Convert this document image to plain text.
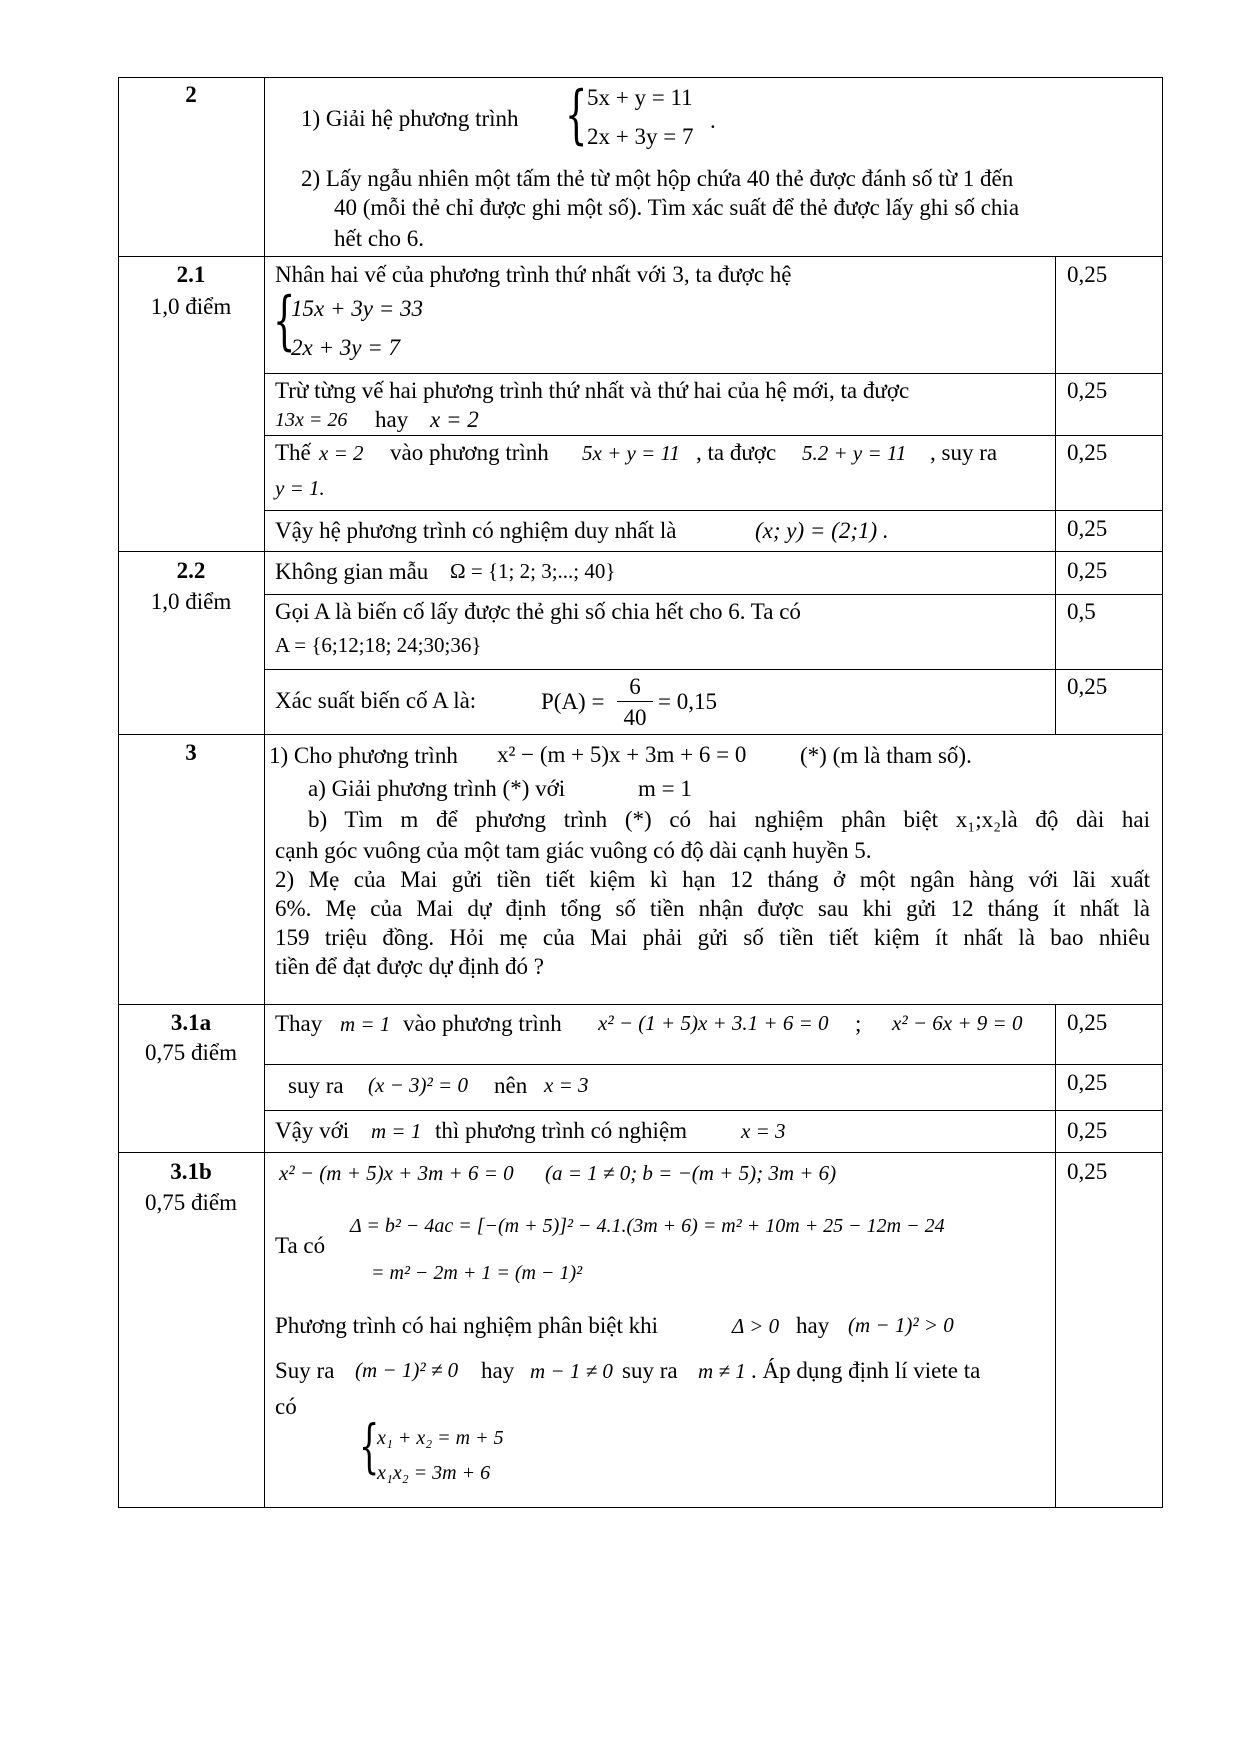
2
1) Giải hệ phương trình { 5x + y = 11
2x + 3y = 7
.
2) Lấy ngẫu nhiên một tấm thẻ từ một hộp chứa 40 thẻ được đánh số từ 1 đến
40 (mỗi thẻ chỉ được ghi một số). Tìm xác suất để thẻ được lấy ghi số chia
hết cho 6.
2.1
1,0 điểm
Nhân hai vế của phương trình thứ nhất với 3, ta được hệ
{
15x + 3y = 33
2x + 3y = 7
0,25
Trừ từng vế hai phương trình thứ nhất và thứ hai của hệ mới, ta được
13x = 26 hay x = 2
0,25
Thế x = 2 vào phương trình 5x + y = 11 , ta được 5.2 + y = 11 , suy ra
y = 1.
0,25
Vậy hệ phương trình có nghiệm duy nhất là	(x; y) = (2;1) .	0,25
2.2
1,0 điểm
Không gian mẫu Ω = {1; 2; 3;...; 40}	0,25
Gọi A là biến cố lấy được thẻ ghi số chia hết cho 6. Ta có
A = {6;12;18; 24;30;36}
0,5
Xác suất biến cố A là:	P(A) =
6
40
= 0,15
0,25
3	1) Cho phương trình x² − (m + 5)x + 3m + 6 = 0 (*) (m là tham số).
a) Giải phương trình (*) với	m = 1
b) Tìm m để phương trình (*) có hai nghiệm phân biệt x₁;x₂là độ dài hai
cạnh góc vuông của một tam giác vuông có độ dài cạnh huyền 5.
2) Mẹ của Mai gửi tiền tiết kiệm kì hạn 12 tháng ở một ngân hàng với lãi xuất
6%. Mẹ của Mai dự định tổng số tiền nhận được sau khi gửi 12 tháng ít nhất là
159 triệu đồng. Hỏi mẹ của Mai phải gửi số tiền tiết kiệm ít nhất là bao nhiêu
tiền để đạt được dự định đó ?
3.1a
0,75 điểm
Thay m = 1 vào phương trình x² − (1 + 5)x + 3.1 + 6 = 0 ; x² − 6x + 9 = 0 0,25
suy ra (x − 3)² = 0 nên x = 3	0,25
Vậy với m = 1 thì phương trình có nghiệm	x = 3	0,25
3.1b
0,75 điểm
x² − (m + 5)x + 3m + 6 = 0 (a = 1 ≠ 0; b = −(m + 5); 3m + 6)	0,25
Ta có
Δ = b² − 4ac = [−(m + 5)]² − 4.1.(3m + 6) = m² + 10m + 25 − 12m − 24
= m² − 2m + 1 = (m − 1)²
Phương trình có hai nghiệm phân biệt khi	Δ > 0 hay (m − 1)² > 0
Suy ra (m − 1)² ≠ 0 hay m − 1 ≠ 0 suy ra m ≠ 1 . Áp dụng định lí viete ta
có
{
x₁ + x₂ = m + 5
x₁x₂ = 3m + 6
